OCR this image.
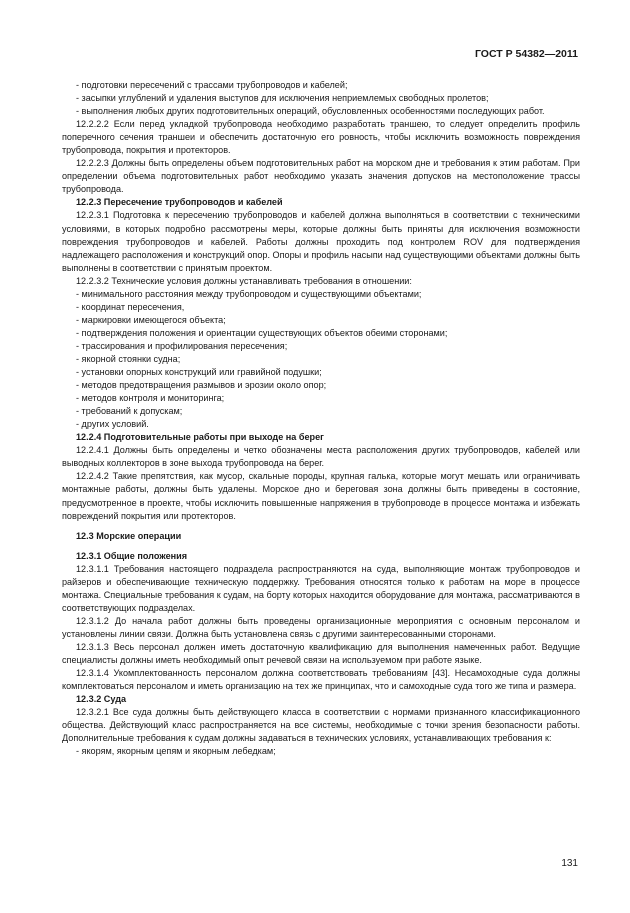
ГОСТ Р 54382—2011

- подготовки пересечений с трассами трубопроводов и кабелей;

- засыпки углублений и удаления выступов для исключения неприемлемых свободных пролетов;

- выполнения любых других подготовительных операций, обусловленных особенностями последующих работ.

12.2.2.2 Если перед укладкой трубопровода необходимо разработать траншею, то следует определить профиль поперечного сечения траншеи и обеспечить достаточную его ровность, чтобы исключить возможность повреждения трубопровода, покрытия и протекторов.

12.2.2.3 Должны быть определены объем подготовительных работ на морском дне и требования к этим работам. При определении объема подготовительных работ необходимо указать значения допусков на местоположение трассы трубопровода.

12.2.3 Пересечение трубопроводов и кабелей

12.2.3.1 Подготовка к пересечению трубопроводов и кабелей должна выполняться в соответствии с техническими условиями, в которых подробно рассмотрены меры, которые должны быть приняты для исключения возможности повреждения трубопроводов и кабелей. Работы должны проходить под контролем ROV для подтверждения надлежащего расположения и конструкций опор. Опоры и профиль насыпи над существующими объектами должны быть выполнены в соответствии с принятым проектом.

12.2.3.2 Технические условия должны устанавливать требования в отношении:

- минимального расстояния между трубопроводом и существующими объектами;

- координат пересечения,

- маркировки имеющегося объекта;

- подтверждения положения и ориентации существующих объектов обеими сторонами;

- трассирования и профилирования пересечения;

- якорной стоянки судна;

- установки опорных конструкций или гравийной подушки;

- методов предотвращения размывов и эрозии около опор;

- методов контроля и мониторинга;

- требований к допускам;

- других условий.

12.2.4 Подготовительные работы при выходе на берег

12.2.4.1 Должны быть определены и четко обозначены места расположения других трубопроводов, кабелей или выводных коллекторов в зоне выхода трубопровода на берег.

12.2.4.2 Такие препятствия, как мусор, скальные породы, крупная галька, которые могут мешать или ограничивать монтажные работы, должны быть удалены. Морское дно и береговая зона должны быть приведены в состояние, предусмотренное в проекте, чтобы исключить повышенные напряжения в трубопроводе в процессе монтажа и избежать повреждений покрытия или протекторов.

12.3 Морские операции

12.3.1 Общие положения

12.3.1.1 Требования настоящего подраздела распространяются на суда, выполняющие монтаж трубопроводов и райзеров и обеспечивающие техническую поддержку. Требования относятся только к работам на море в процессе монтажа. Специальные требования к судам, на борту которых находится оборудование для монтажа, рассматриваются в соответствующих подразделах.

12.3.1.2 До начала работ должны быть проведены организационные мероприятия с основным персоналом и установлены линии связи. Должна быть установлена связь с другими заинтересованными сторонами.

12.3.1.3 Весь персонал должен иметь достаточную квалификацию для выполнения намеченных работ. Ведущие специалисты должны иметь необходимый опыт речевой связи на используемом при работе языке.

12.3.1.4 Укомплектованность персоналом должна соответствовать требованиям [43]. Несамоходные суда должны комплектоваться персоналом и иметь организацию на тех же принципах, что и самоходные суда того же типа и размера.

12.3.2 Суда

12.3.2.1 Все суда должны быть действующего класса в соответствии с нормами признанного классификационного общества. Действующий класс распространяется на все системы, необходимые с точки зрения безопасности работы. Дополнительные требования к судам должны задаваться в технических условиях, устанавливающих требования к:

- якорям, якорным цепям и якорным лебедкам;

131
